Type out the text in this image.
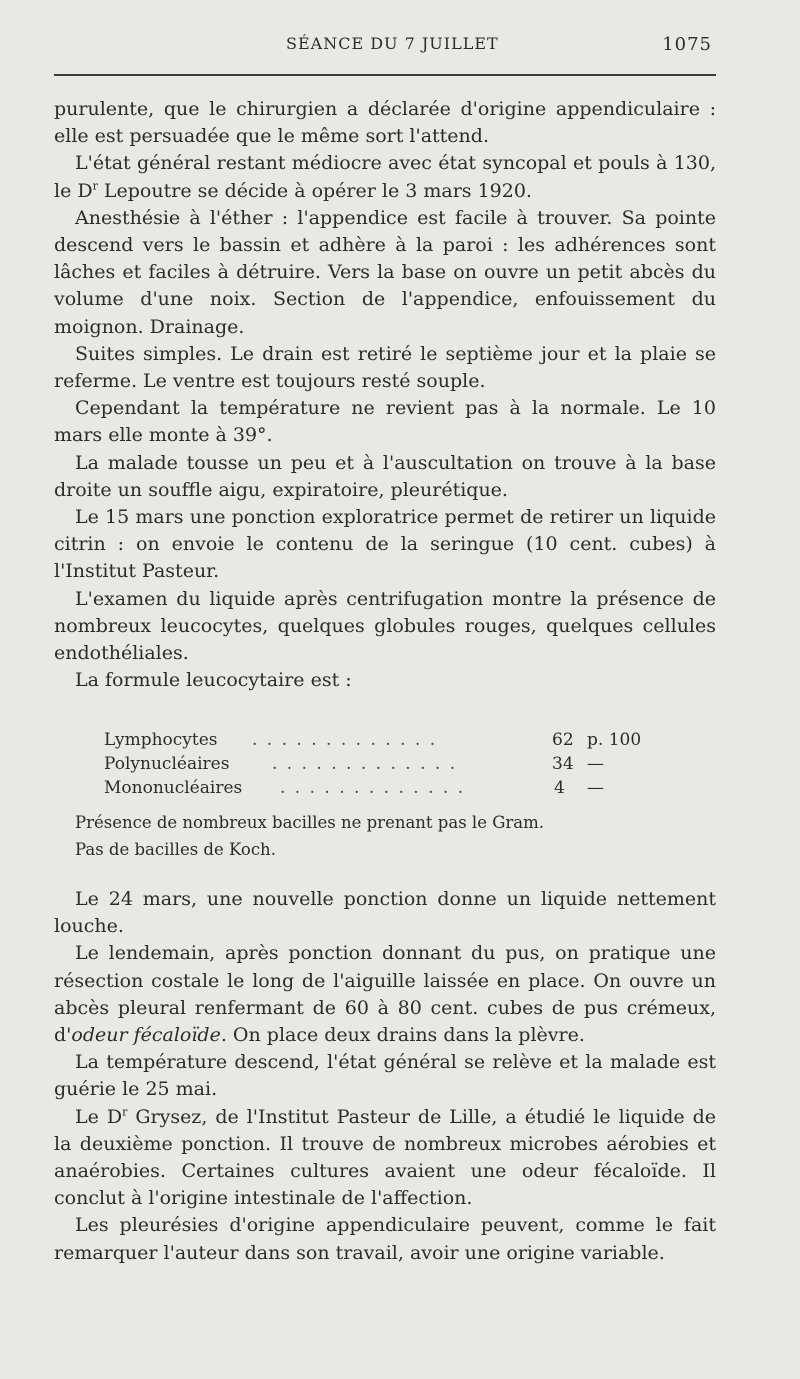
SÉANCE DU 7 JUILLET	1075

purulente, que le chirurgien a déclarée d'origine appendiculaire : elle est persuadée que le même sort l'attend.

L'état général restant médiocre avec état syncopal et pouls à 130, le $D^r$ Lepoutre se décide à opérer le 3 mars 1920.

Anesthésie à l'éther : l'appendice est facile à trouver. Sa pointe descend vers le bassin et adhère à la paroi : les adhérences sont lâches et faciles à détruire. Vers la base on ouvre un petit abcès du volume d'une noix. Section de l'appendice, enfouissement du moignon. Drainage.

Suites simples. Le drain est retiré le septième jour et la plaie se referme. Le ventre est toujours resté souple.

Cependant la température ne revient pas à la normale. Le 10 mars elle monte à 39°.

La malade tousse un peu et à l'auscultation on trouve à la base droite un souffle aigu, expiratoire, pleurétique.

Le 15 mars une ponction exploratrice permet de retirer un liquide citrin : on envoie le contenu de la seringue (10 cent. cubes) à l'Institut Pasteur.

L'examen du liquide après centrifugation montre la présence de nombreux leucocytes, quelques globules rouges, quelques cellules endothéliales.

La formule leucocytaire est :

Lymphocytes . . . . . . . . . . . . .	62 p. 100
Polynucléaires	. . . . . . . . . . . . .	34 —
Mononucléaires . . . . . . . . . . . . .	4 —

Présence de nombreux bacilles ne prenant pas le Gram.

Pas de bacilles de Koch.

Le 24 mars, une nouvelle ponction donne un liquide nettement louche.

Le lendemain, après ponction donnant du pus, on pratique une résection costale le long de l'aiguille laissée en place. On ouvre un abcès pleural renfermant de 60 à 80 cent. cubes de pus crémeux, d'odeur fécaloïde. On place deux drains dans la plèvre.

La température descend, l'état général se relève et la malade est guérie le 25 mai.

Le $D^r$ Grysez, de l'Institut Pasteur de Lille, a étudié le liquide de la deuxième ponction. Il trouve de nombreux microbes aérobies et anaérobies. Certaines cultures avaient une odeur fécaloïde. Il conclut à l'origine intestinale de l'affection.

Les pleurésies d'origine appendiculaire peuvent, comme le fait remarquer l'auteur dans son travail, avoir une origine variable.
